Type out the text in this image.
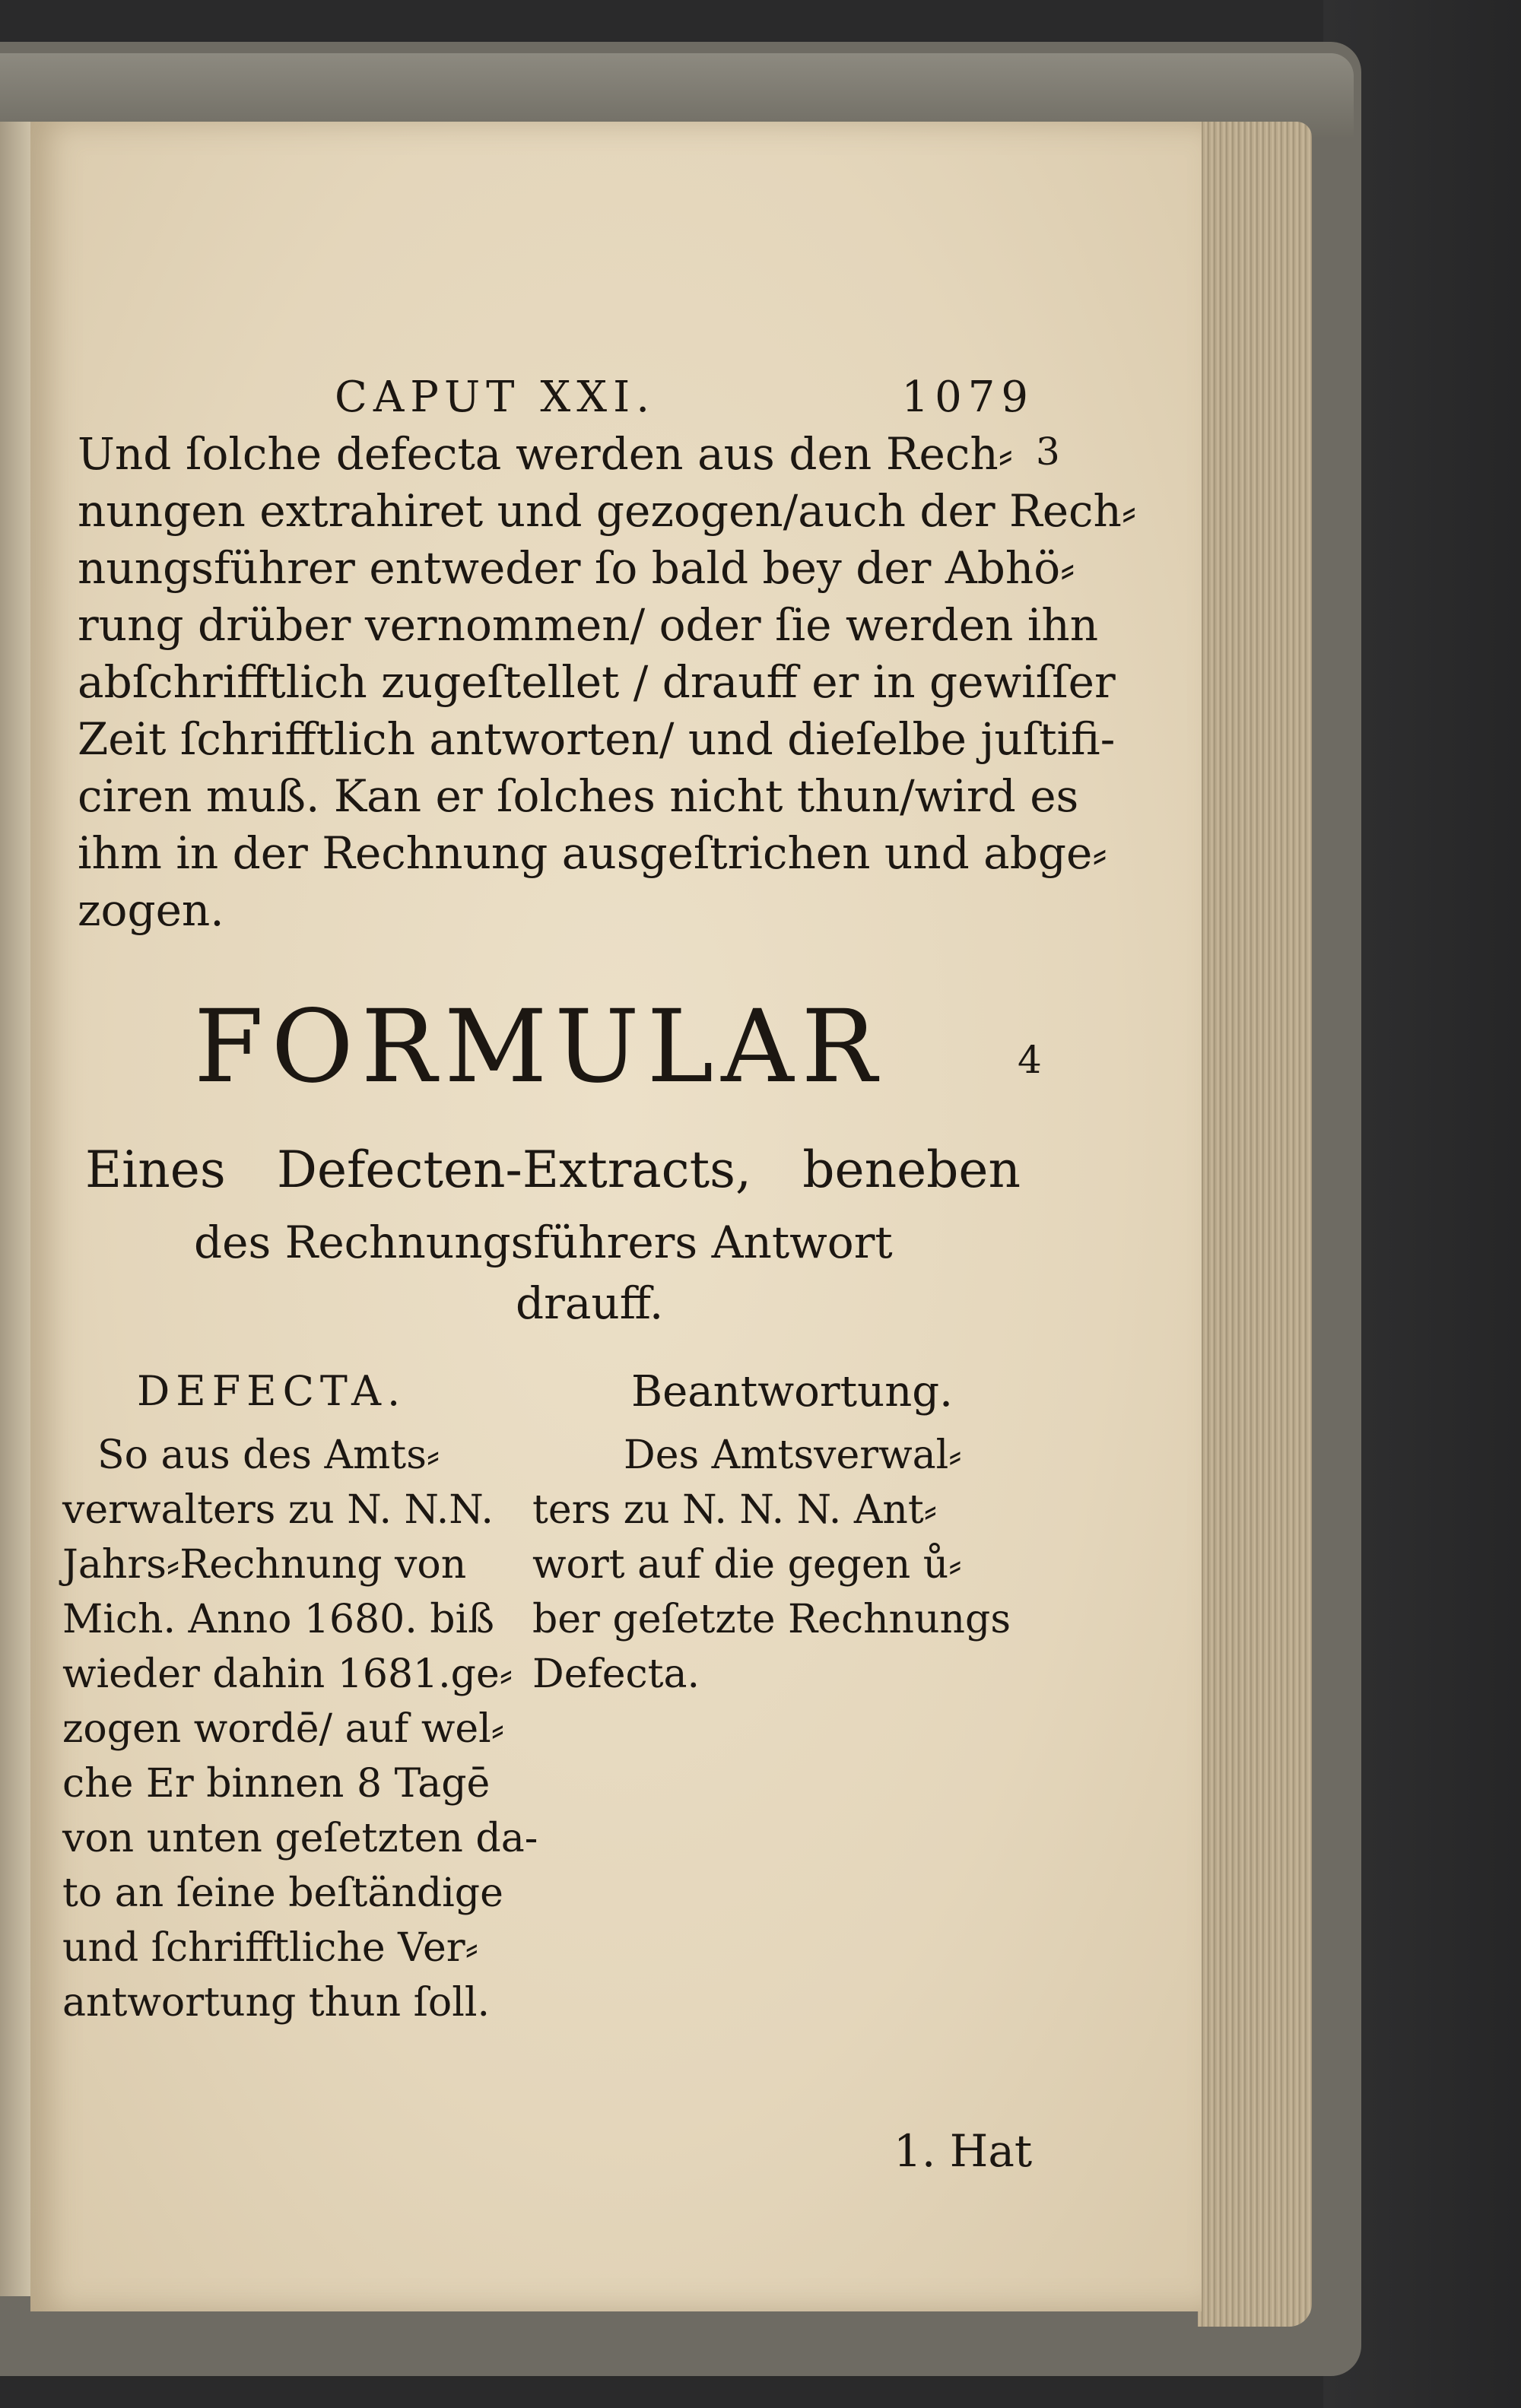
CAPUT XXI.	1079
Und ſolche defecta werden aus den Rech⸗
nungen extrahiret und gezogen/auch der Rech⸗
nungsführer entweder ſo bald bey der Abhö⸗
rung drüber vernommen/ oder ſie werden ihn
abſchrifftlich zugeſtellet / drauff er in gewiſſer
Zeit ſchrifftlich antworten/ und dieſelbe juſtifi-
ciren muß. Kan er ſolches nicht thun/wird es
ihm in der Rechnung ausgeſtrichen und abge⸗
zogen.
3
4
FORMULAR
Eines Defecten-Extracts, beneben
des Rechnungsführers Antwort
drauff.
DEFECTA.	Beantwortung.
So aus des Amts⸗
verwalters zu N. N.N.
Jahrs⸗Rechnung von
Mich. Anno 1680. biß
wieder dahin 1681.ge⸗
zogen wordē/ auf wel⸗
che Er binnen 8 Tagē
von unten geſetzten da-
to an ſeine beſtändige
und ſchrifftliche Ver⸗
antwortung thun ſoll.
Des Amtsverwal⸗
ters zu N. N. N. Ant⸗
wort auf die gegen ů⸗
ber geſetzte Rechnungs
Defecta.
1. Hat
